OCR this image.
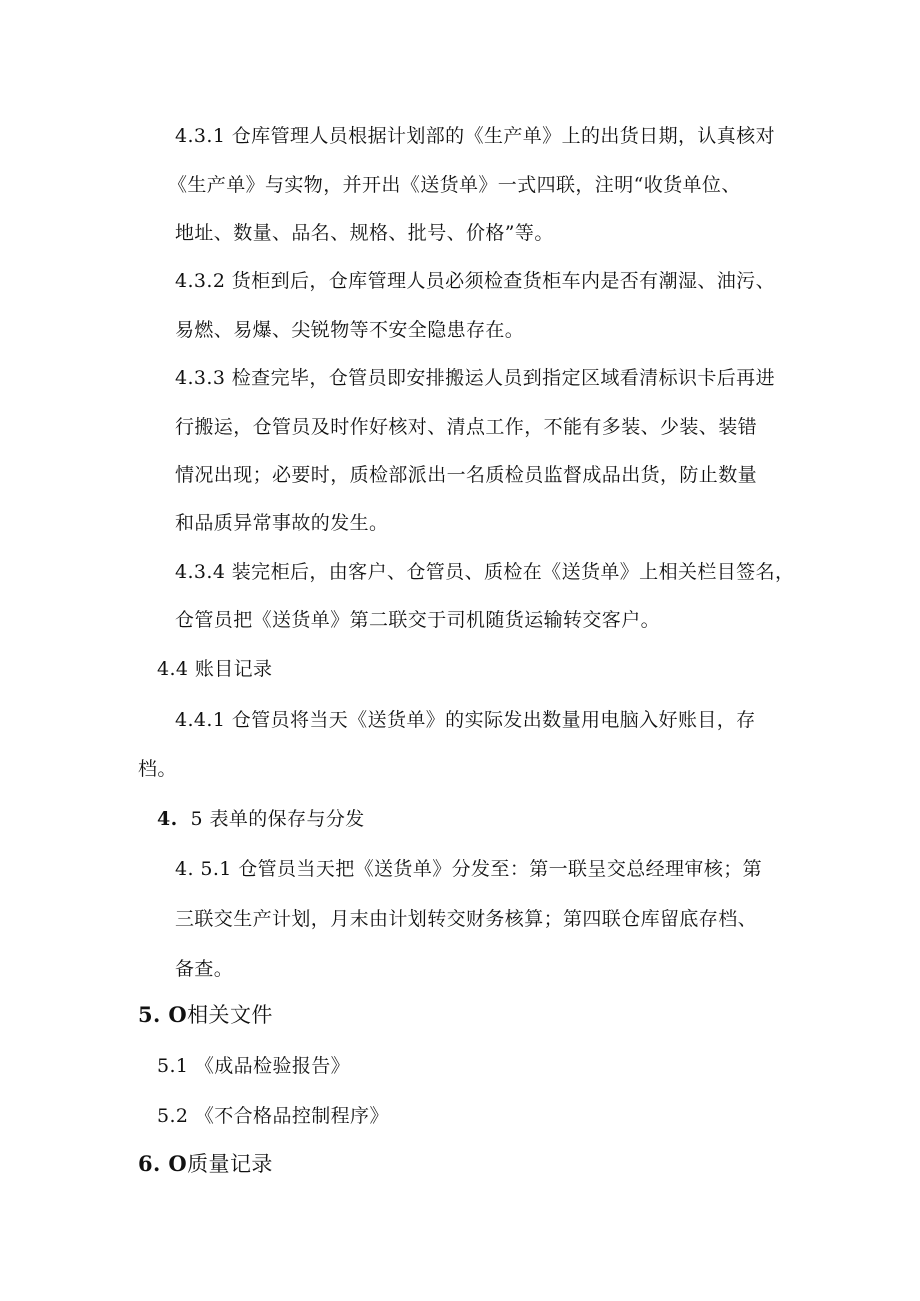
4.3.1 仓库管理人员根据计划部的《生产单》上的出货日期，认真核对
《生产单》与实物，并开出《送货单》一式四联，注明“收货单位、
地址、数量、品名、规格、批号、价格”等。
4.3.2 货柜到后，仓库管理人员必须检查货柜车内是否有潮湿、油污、
易燃、易爆、尖锐物等不安全隐患存在。
4.3.3 检查完毕，仓管员即安排搬运人员到指定区域看清标识卡后再进
行搬运，仓管员及时作好核对、清点工作，不能有多装、少装、装错
情况出现；必要时，质检部派出一名质检员监督成品出货，防止数量
和品质异常事故的发生。
4.3.4 装完柜后，由客户、仓管员、质检在《送货单》上相关栏目签名，
仓管员把《送货单》第二联交于司机随货运输转交客户。
4.4 账目记录
4.4.1 仓管员将当天《送货单》的实际发出数量用电脑入好账目，存
档。
4. 5 表单的保存与分发
4. 5.1 仓管员当天把《送货单》分发至：第一联呈交总经理审核；第
三联交生产计划，月末由计划转交财务核算；第四联仓库留底存档、
备查。
5. O相关文件
5.1 《成品检验报告》
5.2 《不合格品控制程序》
6. O质量记录
